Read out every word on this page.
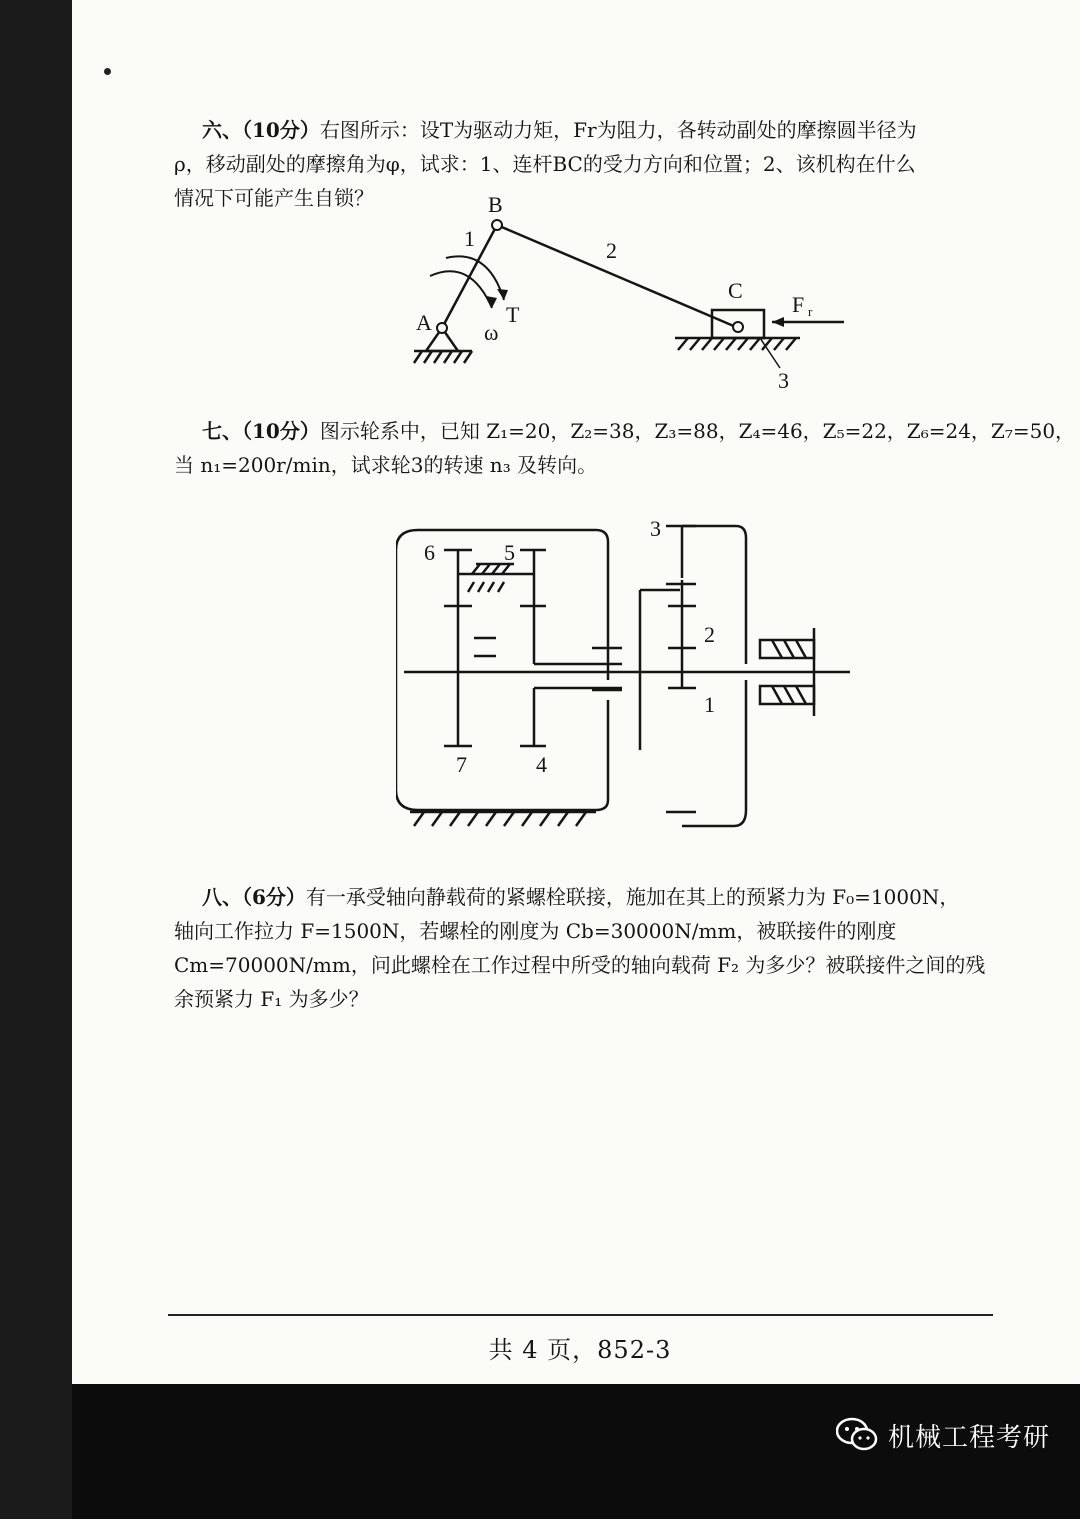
六、（10分）右图所示：设T为驱动力矩，Fr为阻力，各转动副处的摩擦圆半径为
ρ，移动副处的摩擦角为φ，试求：1、连杆BC的受力方向和位置；2、该机构在什么
情况下可能产生自锁？
A
B
C
1	2
3
T
ω
F r
七、（10分）图示轮系中，已知 Z₁=20，Z₂=38，Z₃=88，Z₄=46，Z₅=22，Z₆=24，Z₇=50，
当 n₁=200r/min，试求轮3的转速 n₃ 及转向。
6	5
3
2
1
7	4
八、（6分）有一承受轴向静载荷的紧螺栓联接，施加在其上的预紧力为 F₀=1000N，
轴向工作拉力 F=1500N，若螺栓的刚度为 Cb=30000N/mm，被联接件的刚度
Cm=70000N/mm，问此螺栓在工作过程中所受的轴向载荷 F₂ 为多少？被联接件之间的残
余预紧力 F₁ 为多少？
共 4 页，852-3
机械工程考研
